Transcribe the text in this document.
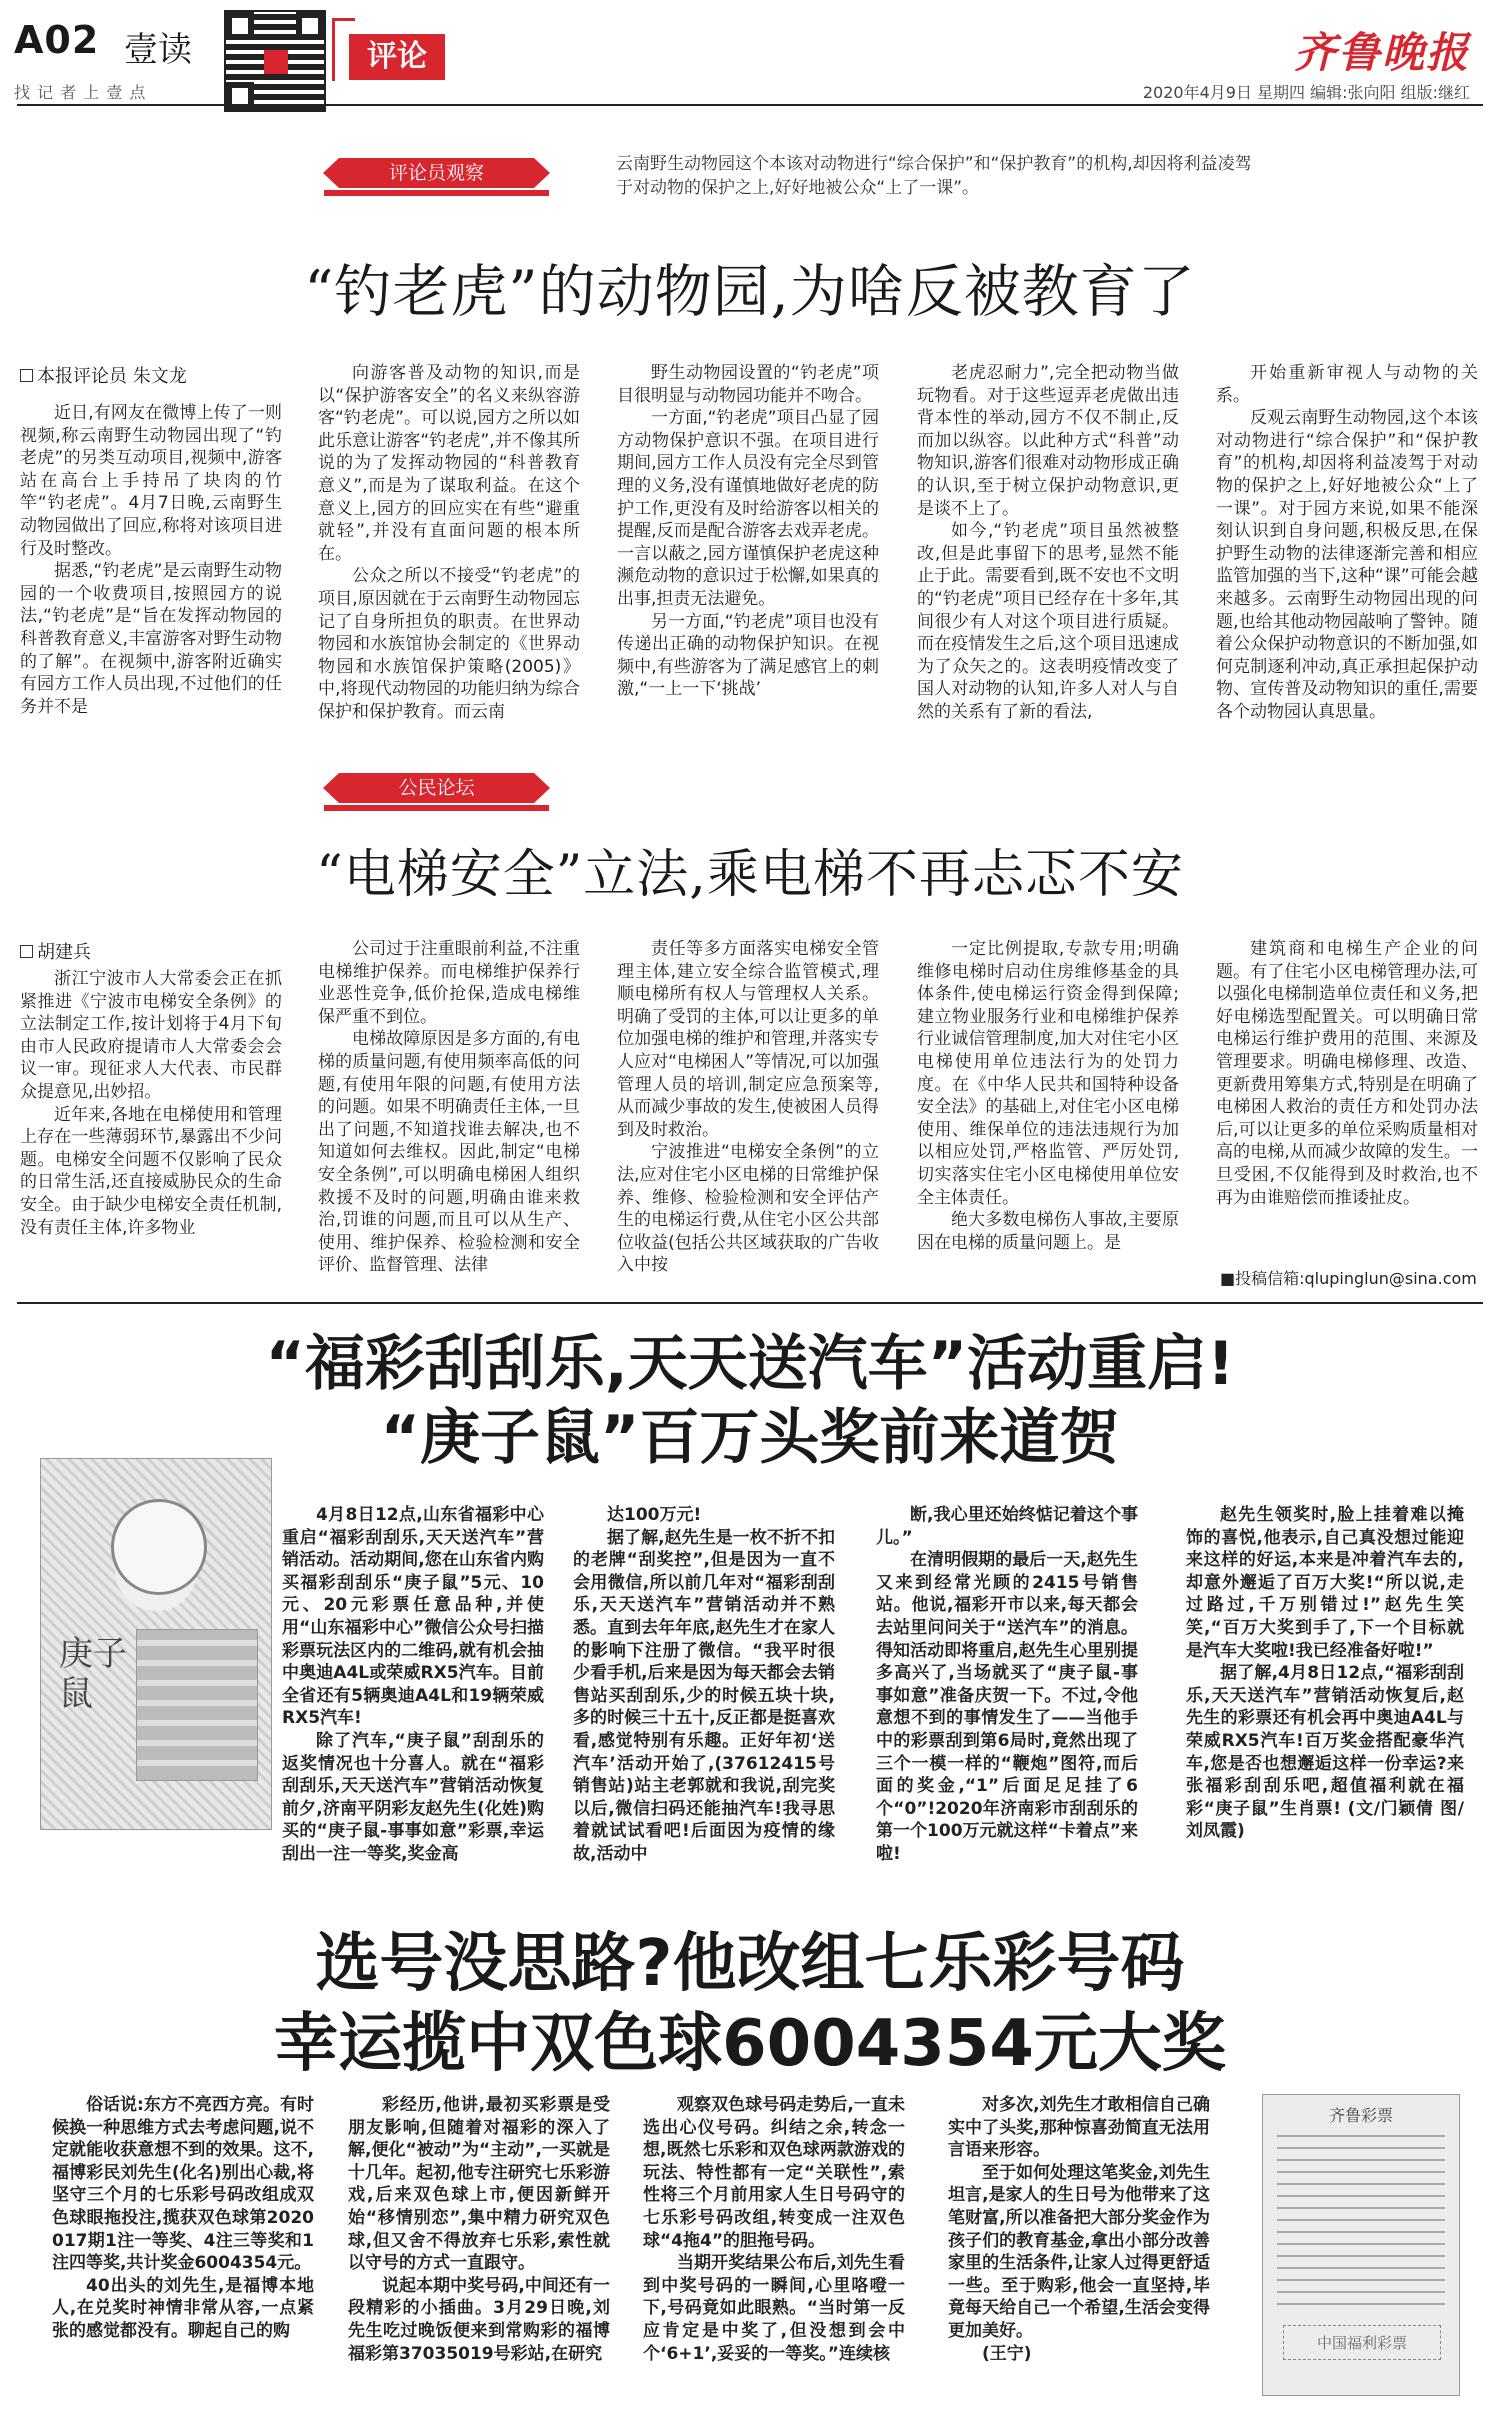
A02 壹读
找 记 者 上 壹 点
评论	齐鲁晚报
2020年4月9日 星期四 编辑:张向阳 组版:继红
评论员观察	云南野生动物园这个本该对动物进行“综合保护”和“保护教育”的机构,却因将利益凌驾于对动物的保护之上,好好地被公众“上了一课”。
“钓老虎”的动物园,为啥反被教育了
本报评论员 朱文龙

近日,有网友在微博上传了一则视频,称云南野生动物园出现了“钓老虎”的另类互动项目,视频中,游客站在高台上手持吊了块肉的竹竿“钓老虎”。4月7日晚,云南野生动物园做出了回应,称将对该项目进行及时整改。

据悉,“钓老虎”是云南野生动物园的一个收费项目,按照园方的说法,“钓老虎”是“旨在发挥动物园的科普教育意义,丰富游客对野生动物的了解”。在视频中,游客附近确实有园方工作人员出现,不过他们的任务并不是

向游客普及动物的知识,而是以“保护游客安全”的名义来纵容游客“钓老虎”。可以说,园方之所以如此乐意让游客“钓老虎”,并不像其所说的为了发挥动物园的“科普教育意义”,而是为了谋取利益。在这个意义上,园方的回应实在有些“避重就轻”,并没有直面问题的根本所在。

公众之所以不接受“钓老虎”的项目,原因就在于云南野生动物园忘记了自身所担负的职责。在世界动物园和水族馆协会制定的《世界动物园和水族馆保护策略(2005)》中,将现代动物园的功能归纳为综合保护和保护教育。而云南

野生动物园设置的“钓老虎”项目很明显与动物园功能并不吻合。

一方面,“钓老虎”项目凸显了园方动物保护意识不强。在项目进行期间,园方工作人员没有完全尽到管理的义务,没有谨慎地做好老虎的防护工作,更没有及时给游客以相关的提醒,反而是配合游客去戏弄老虎。一言以蔽之,园方谨慎保护老虎这种濒危动物的意识过于松懈,如果真的出事,担责无法避免。

另一方面,“钓老虎”项目也没有传递出正确的动物保护知识。在视频中,有些游客为了满足感官上的刺激,“一上一下‘挑战’

老虎忍耐力”,完全把动物当做玩物看。对于这些逗弄老虎做出违背本性的举动,园方不仅不制止,反而加以纵容。以此种方式“科普”动物知识,游客们很难对动物形成正确的认识,至于树立保护动物意识,更是谈不上了。

如今,“钓老虎”项目虽然被整改,但是此事留下的思考,显然不能止于此。需要看到,既不安也不文明的“钓老虎”项目已经存在十多年,其间很少有人对这个项目进行质疑。而在疫情发生之后,这个项目迅速成为了众矢之的。这表明疫情改变了国人对动物的认知,许多人对人与自然的关系有了新的看法,

开始重新审视人与动物的关系。

反观云南野生动物园,这个本该对动物进行“综合保护”和“保护教育”的机构,却因将利益凌驾于对动物的保护之上,好好地被公众“上了一课”。对于园方来说,如果不能深刻认识到自身问题,积极反思,在保护野生动物的法律逐渐完善和相应监管加强的当下,这种“课”可能会越来越多。云南野生动物园出现的问题,也给其他动物园敲响了警钟。随着公众保护动物意识的不断加强,如何克制逐利冲动,真正承担起保护动物、宣传普及动物知识的重任,需要各个动物园认真思量。

公民论坛
“电梯安全”立法,乘电梯不再忐忑不安
胡建兵

浙江宁波市人大常委会正在抓紧推进《宁波市电梯安全条例》的立法制定工作,按计划将于4月下旬由市人民政府提请市人大常委会会议一审。现征求人大代表、市民群众提意见,出妙招。

近年来,各地在电梯使用和管理上存在一些薄弱环节,暴露出不少问题。电梯安全问题不仅影响了民众的日常生活,还直接威胁民众的生命安全。由于缺少电梯安全责任机制,没有责任主体,许多物业

公司过于注重眼前利益,不注重电梯维护保养。而电梯维护保养行业恶性竞争,低价抢保,造成电梯维保严重不到位。

电梯故障原因是多方面的,有电梯的质量问题,有使用频率高低的问题,有使用年限的问题,有使用方法的问题。如果不明确责任主体,一旦出了问题,不知道找谁去解决,也不知道如何去维权。因此,制定“电梯安全条例”,可以明确电梯困人组织救援不及时的问题,明确由谁来救治,罚谁的问题,而且可以从生产、使用、维护保养、检验检测和安全评价、监督管理、法律

责任等多方面落实电梯安全管理主体,建立安全综合监管模式,理顺电梯所有权人与管理权人关系。明确了受罚的主体,可以让更多的单位加强电梯的维护和管理,并落实专人应对“电梯困人”等情况,可以加强管理人员的培训,制定应急预案等,从而减少事故的发生,使被困人员得到及时救治。

宁波推进“电梯安全条例”的立法,应对住宅小区电梯的日常维护保养、维修、检验检测和安全评估产生的电梯运行费,从住宅小区公共部位收益(包括公共区域获取的广告收入中按

一定比例提取,专款专用;明确维修电梯时启动住房维修基金的具体条件,使电梯运行资金得到保障;建立物业服务行业和电梯维护保养行业诚信管理制度,加大对住宅小区电梯使用单位违法行为的处罚力度。在《中华人民共和国特种设备安全法》的基础上,对住宅小区电梯使用、维保单位的违法违规行为加以相应处罚,严格监管、严厉处罚,切实落实住宅小区电梯使用单位安全主体责任。

绝大多数电梯伤人事故,主要原因在电梯的质量问题上。是

建筑商和电梯生产企业的问题。有了住宅小区电梯管理办法,可以强化电梯制造单位责任和义务,把好电梯选型配置关。可以明确日常电梯运行维护费用的范围、来源及管理要求。明确电梯修理、改造、更新费用筹集方式,特别是在明确了电梯困人救治的责任方和处罚办法后,可以让更多的单位采购质量相对高的电梯,从而减少故障的发生。一旦受困,不仅能得到及时救治,也不再为由谁赔偿而推诿扯皮。

■投稿信箱:qlupinglun@sina.com
“福彩刮刮乐,天天送汽车”活动重启!
“庚子鼠”百万头奖前来道贺
庚子鼠

4月8日12点,山东省福彩中心重启“福彩刮刮乐,天天送汽车”营销活动。活动期间,您在山东省内购买福彩刮刮乐“庚子鼠”5元、10元、20元彩票任意品种,并使用“山东福彩中心”微信公众号扫描彩票玩法区内的二维码,就有机会抽中奥迪A4L或荣威RX5汽车。目前全省还有5辆奥迪A4L和19辆荣威RX5汽车!

除了汽车,“庚子鼠”刮刮乐的返奖情况也十分喜人。就在“福彩刮刮乐,天天送汽车”营销活动恢复前夕,济南平阴彩友赵先生(化姓)购买的“庚子鼠-事事如意”彩票,幸运刮出一注一等奖,奖金高

达100万元!

据了解,赵先生是一枚不折不扣的老牌“刮奖控”,但是因为一直不会用微信,所以前几年对“福彩刮刮乐,天天送汽车”营销活动并不熟悉。直到去年年底,赵先生才在家人的影响下注册了微信。“我平时很少看手机,后来是因为每天都会去销售站买刮刮乐,少的时候五块十块,多的时候三十五十,反正都是挺喜欢看,感觉特别有乐趣。正好年初‘送汽车’活动开始了,(37612415号销售站)站主老郭就和我说,刮完奖以后,微信扫码还能抽汽车!我寻思着就试试看吧!后面因为疫情的缘故,活动中

断,我心里还始终惦记着这个事儿。”

在清明假期的最后一天,赵先生又来到经常光顾的2415号销售站。他说,福彩开市以来,每天都会去站里问问关于“送汽车”的消息。得知活动即将重启,赵先生心里别提多高兴了,当场就买了“庚子鼠-事事如意”准备庆贺一下。不过,令他意想不到的事情发生了——当他手中的彩票刮到第6局时,竟然出现了三个一模一样的“鞭炮”图符,而后面的奖金,“1”后面足足挂了6个“0”!2020年济南彩市刮刮乐的第一个100万元就这样“卡着点”来啦!

赵先生领奖时,脸上挂着难以掩饰的喜悦,他表示,自己真没想过能迎来这样的好运,本来是冲着汽车去的,却意外邂逅了百万大奖!“所以说,走过路过,千万别错过!”赵先生笑笑,“百万大奖到手了,下一个目标就是汽车大奖啦!我已经准备好啦!”

据了解,4月8日12点,“福彩刮刮乐,天天送汽车”营销活动恢复后,赵先生的彩票还有机会再中奥迪A4L与荣威RX5汽车!百万奖金搭配豪华汽车,您是否也想邂逅这样一份幸运?来张福彩刮刮乐吧,超值福利就在福彩“庚子鼠”生肖票! (文/门颖倩 图/刘凤霞)

选号没思路?他改组七乐彩号码
幸运揽中双色球6004354元大奖

俗话说:东方不亮西方亮。有时候换一种思维方式去考虑问题,说不定就能收获意想不到的效果。这不,福博彩民刘先生(化名)别出心裁,将坚守三个月的七乐彩号码改组成双色球眼拖投注,揽获双色球第2020017期1注一等奖、4注三等奖和1注四等奖,共计奖金6004354元。

40出头的刘先生,是福博本地人,在兑奖时神情非常从容,一点紧张的感觉都没有。聊起自己的购

彩经历,他讲,最初买彩票是受朋友影响,但随着对福彩的深入了解,便化“被动”为“主动”,一买就是十几年。起初,他专注研究七乐彩游戏,后来双色球上市,便因新鲜开始“移情别恋”,集中精力研究双色球,但又舍不得放弃七乐彩,索性就以守号的方式一直跟守。

说起本期中奖号码,中间还有一段精彩的小插曲。3月29日晚,刘先生吃过晚饭便来到常购彩的福博福彩第37035019号彩站,在研究

观察双色球号码走势后,一直未选出心仪号码。纠结之余,转念一想,既然七乐彩和双色球两款游戏的玩法、特性都有一定“关联性”,索性将三个月前用家人生日号码守的七乐彩号码改组,转变成一注双色球“4拖4”的胆拖号码。

当期开奖结果公布后,刘先生看到中奖号码的一瞬间,心里咯噔一下,号码竟如此眼熟。“当时第一反应肯定是中奖了,但没想到会中个‘6+1’,妥妥的一等奖。”连续核

对多次,刘先生才敢相信自己确实中了头奖,那种惊喜劲简直无法用言语来形容。

至于如何处理这笔奖金,刘先生坦言,是家人的生日号为他带来了这笔财富,所以准备把大部分奖金作为孩子们的教育基金,拿出小部分改善家里的生活条件,让家人过得更舒适一些。至于购彩,他会一直坚持,毕竟每天给自己一个希望,生活会变得更加美好。

(王宁)

齐鲁彩票
中国福利彩票
